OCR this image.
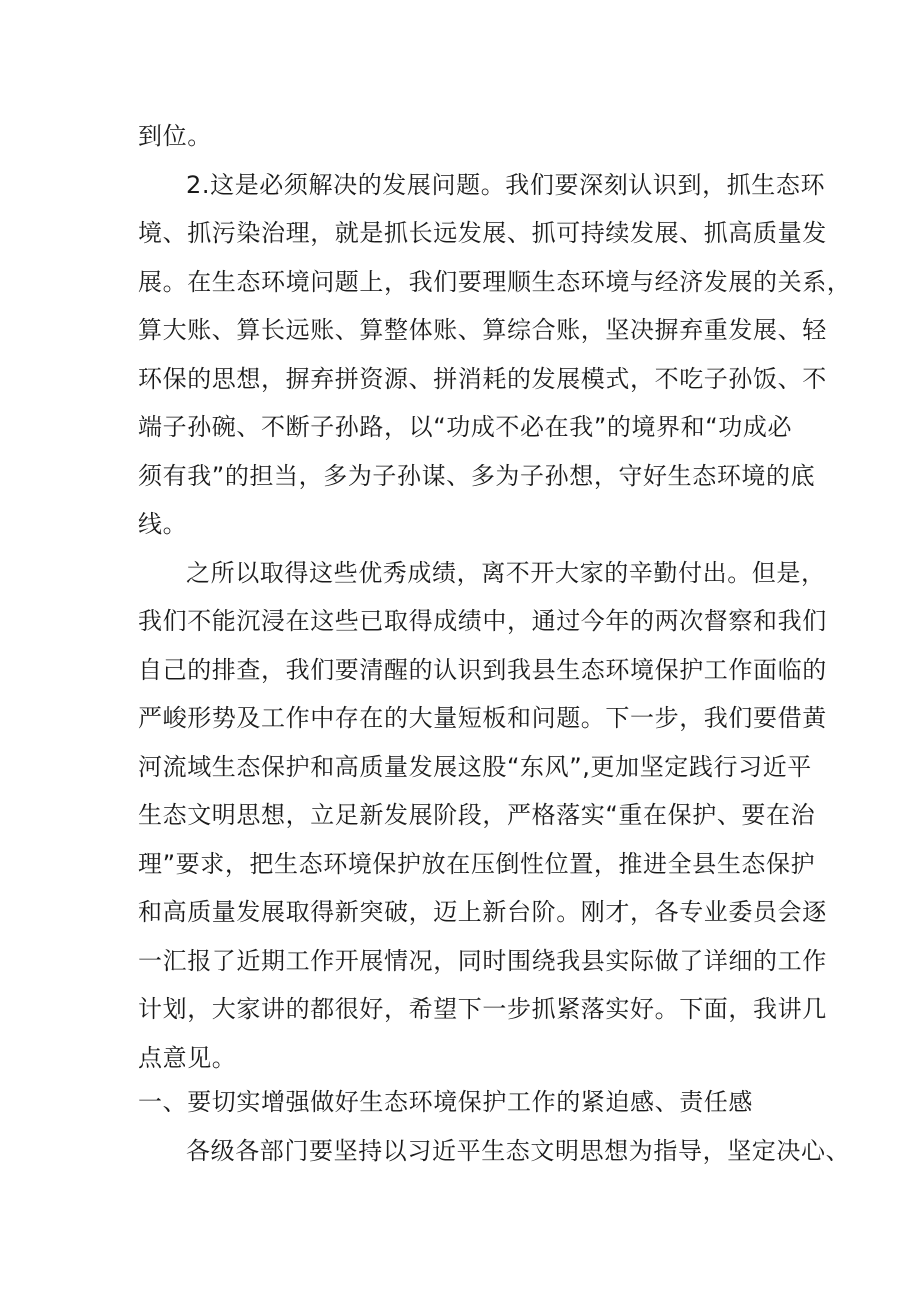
到位。
2.这是必须解决的发展问题。我们要深刻认识到，抓生态环
境、抓污染治理，就是抓长远发展、抓可持续发展、抓高质量发
展。在生态环境问题上，我们要理顺生态环境与经济发展的关系，
算大账、算长远账、算整体账、算综合账，坚决摒弃重发展、轻
环保的思想，摒弃拼资源、拼消耗的发展模式，不吃子孙饭、不
端子孙碗、不断子孙路，以“功成不必在我”的境界和“功成必
须有我”的担当，多为子孙谋、多为子孙想，守好生态环境的底
线。
之所以取得这些优秀成绩，离不开大家的辛勤付出。但是，
我们不能沉浸在这些已取得成绩中，通过今年的两次督察和我们
自己的排查，我们要清醒的认识到我县生态环境保护工作面临的
严峻形势及工作中存在的大量短板和问题。下一步，我们要借黄
河流域生态保护和高质量发展这股“东风”,更加坚定践行习近平
生态文明思想，立足新发展阶段，严格落实“重在保护、要在治
理”要求，把生态环境保护放在压倒性位置，推进全县生态保护
和高质量发展取得新突破，迈上新台阶。刚才，各专业委员会逐
一汇报了近期工作开展情况，同时围绕我县实际做了详细的工作
计划，大家讲的都很好，希望下一步抓紧落实好。下面，我讲几
点意见。
一、要切实增强做好生态环境保护工作的紧迫感、责任感
各级各部门要坚持以习近平生态文明思想为指导，坚定决心、
